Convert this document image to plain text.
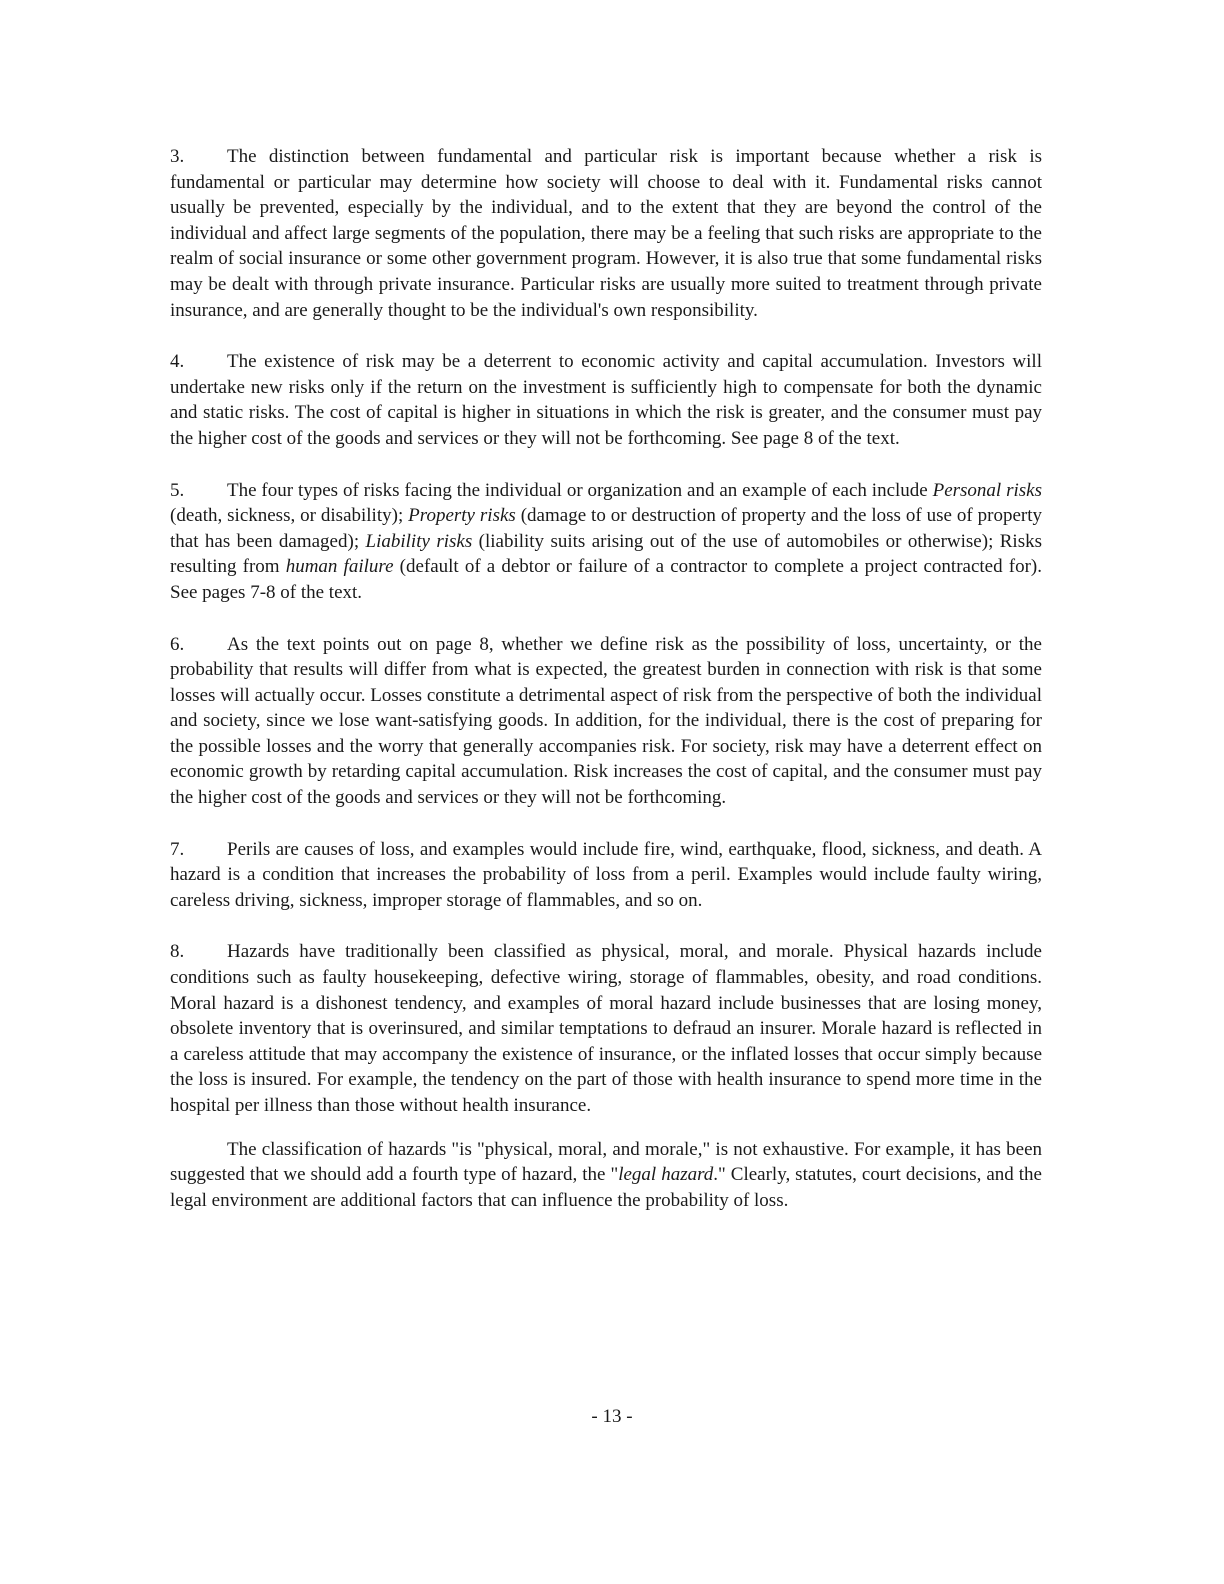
3. The distinction between fundamental and particular risk is important because whether a risk is fundamental or particular may determine how society will choose to deal with it. Fundamental risks cannot usually be prevented, especially by the individual, and to the extent that they are beyond the control of the individual and affect large segments of the population, there may be a feeling that such risks are appropriate to the realm of social insurance or some other government program. However, it is also true that some fundamental risks may be dealt with through private insurance. Particular risks are usually more suited to treatment through private insurance, and are generally thought to be the individual's own responsibility.

4. The existence of risk may be a deterrent to economic activity and capital accumulation. Investors will undertake new risks only if the return on the investment is sufficiently high to compensate for both the dynamic and static risks. The cost of capital is higher in situations in which the risk is greater, and the consumer must pay the higher cost of the goods and services or they will not be forthcoming. See page 8 of the text.

5. The four types of risks facing the individual or organization and an example of each include Personal risks (death, sickness, or disability); Property risks (damage to or destruction of property and the loss of use of property that has been damaged); Liability risks (liability suits arising out of the use of automobiles or otherwise); Risks resulting from human failure (default of a debtor or failure of a contractor to complete a project contracted for). See pages 7-8 of the text.

6. As the text points out on page 8, whether we define risk as the possibility of loss, uncertainty, or the probability that results will differ from what is expected, the greatest burden in connection with risk is that some losses will actually occur. Losses constitute a detrimental aspect of risk from the perspective of both the individual and society, since we lose want-satisfying goods. In addition, for the individual, there is the cost of preparing for the possible losses and the worry that generally accompanies risk. For society, risk may have a deterrent effect on economic growth by retarding capital accumulation. Risk increases the cost of capital, and the consumer must pay the higher cost of the goods and services or they will not be forthcoming.

7. Perils are causes of loss, and examples would include fire, wind, earthquake, flood, sickness, and death. A hazard is a condition that increases the probability of loss from a peril. Examples would include faulty wiring, careless driving, sickness, improper storage of flammables, and so on.

8. Hazards have traditionally been classified as physical, moral, and morale. Physical hazards include conditions such as faulty housekeeping, defective wiring, storage of flammables, obesity, and road conditions. Moral hazard is a dishonest tendency, and examples of moral hazard include businesses that are losing money, obsolete inventory that is overinsured, and similar temptations to defraud an insurer. Morale hazard is reflected in a careless attitude that may accompany the existence of insurance, or the inflated losses that occur simply because the loss is insured. For example, the tendency on the part of those with health insurance to spend more time in the hospital per illness than those without health insurance.

The classification of hazards "is "physical, moral, and morale," is not exhaustive. For example, it has been suggested that we should add a fourth type of hazard, the "legal hazard." Clearly, statutes, court decisions, and the legal environment are additional factors that can influence the probability of loss.

- 13 -
